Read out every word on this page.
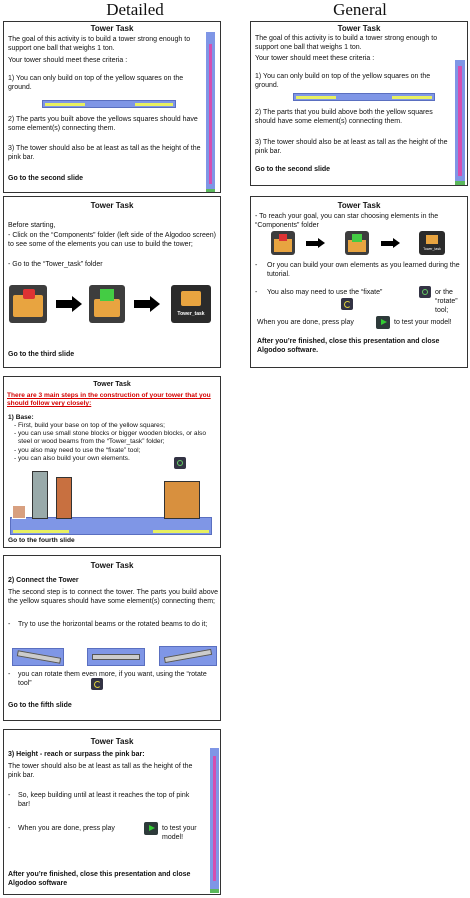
Detailed	General
Tower Task
The goal of this activity is to build a tower strong enough to support one ball that weighs 1 ton.
Your tower should meet these criteria :
1) You can only build on top of the yellow squares on the ground.
2) The parts you built above the yellows squares should have some element(s) connecting them.
3) The tower should also be at least as tall as the height of the pink bar.
Go to the second slide
Tower Task
Before starting,
- Click on the “Components” folder (left side of the Algodoo screen) to see some of the elements you can use to build the tower;
- Go to the “Tower_task” folder
Tower_task
Go to the third slide
Tower Task
There are 3 main steps in the construction of your tower that you should follow very closely:
1) Base:
- First, build your base on top of the yellow squares;
- you can use small stone blocks or bigger wooden blocks, or also steel or wood beams from the “Tower_task” folder;
- you also may need to use the “fixate” tool;
- you can also build your own elements.
Go to the fourth slide
Tower Task
2) Connect the Tower
The second step is to connect the tower. The parts you build above the yellow squares should have some element(s) connecting them;
-	Try to use the horizontal beams or the rotated beams to do it;
-	you can rotate them even more, if you want, using the “rotate tool”
Go to the fifth slide
Tower Task
3) Height - reach or surpass the pink bar:
The tower should also be at least as tall as the height of the pink bar.
-	So, keep building until at least it reaches the top of pink bar!
-	When you are done, press play	to test your model!
After you’re finished, close this presentation and close Algodoo software
Tower Task
The goal of this activity is to build a tower strong enough to support one ball that weighs 1 ton.
Your tower should meet these criteria :
1) You can only build on top of the yellow squares on the ground.
2) The parts that you build above both the yellow squares should have some element(s) connecting them.
3) The tower should also be at least as tall as the height of the pink bar.
Go to the second slide
Tower Task
- To reach your goal, you can star choosing elements in the “Components” folder
Tower_task
-	Or you can build your own elements as you learned during the tutorial.
-	You also may need to use the “fixate”	or the “rotate” tool;
When you are done, press play	to test your model!
After you’re finished, close this presentation and close Algodoo software.
